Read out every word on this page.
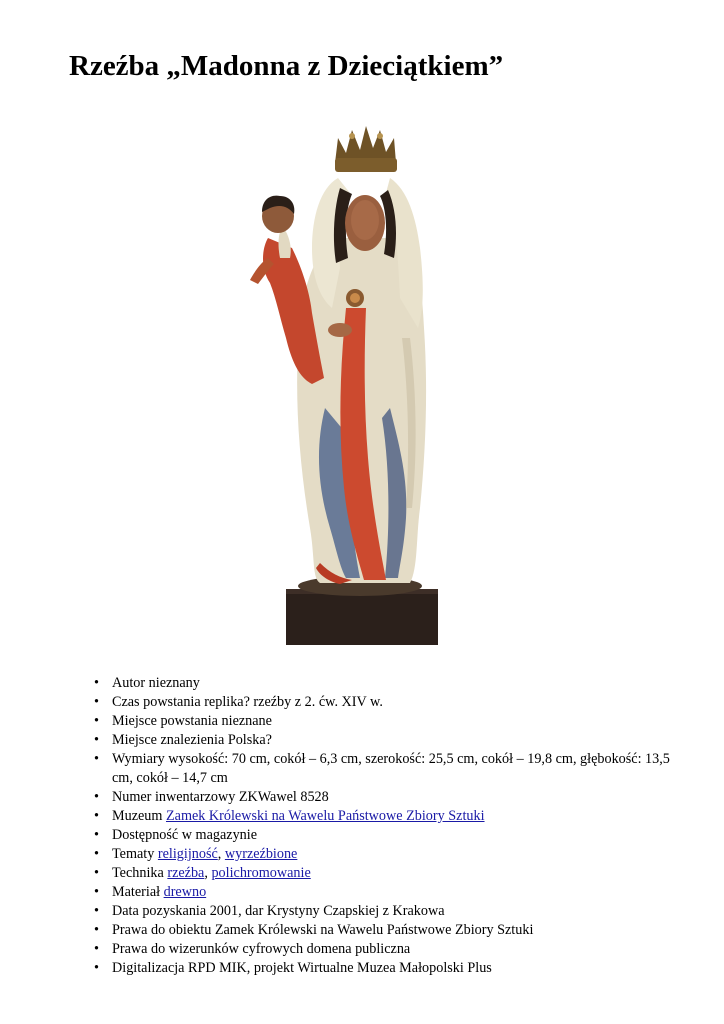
Rzeźba „Madonna z Dzieciątkiem”
• Autor nieznany
• Czas powstania replika? rzeźby z 2. ćw. XIV w.
• Miejsce powstania nieznane
• Miejsce znalezienia Polska?
• Wymiary wysokość: 70 cm, cokół – 6,3 cm, szerokość: 25,5 cm, cokół – 19,8 cm, głębokość: 13,5 cm, cokół – 14,7 cm
• Numer inwentarzowy ZKWawel 8528
• Muzeum Zamek Królewski na Wawelu Państwowe Zbiory Sztuki
• Dostępność w magazynie
• Tematy religijność, wyrzeźbione
• Technika rzeźba, polichromowanie
• Materiał drewno
• Data pozyskania 2001, dar Krystyny Czapskiej z Krakowa
• Prawa do obiektu Zamek Królewski na Wawelu Państwowe Zbiory Sztuki
• Prawa do wizerunków cyfrowych domena publiczna
• Digitalizacja RPD MIK, projekt Wirtualne Muzea Małopolski Plus
